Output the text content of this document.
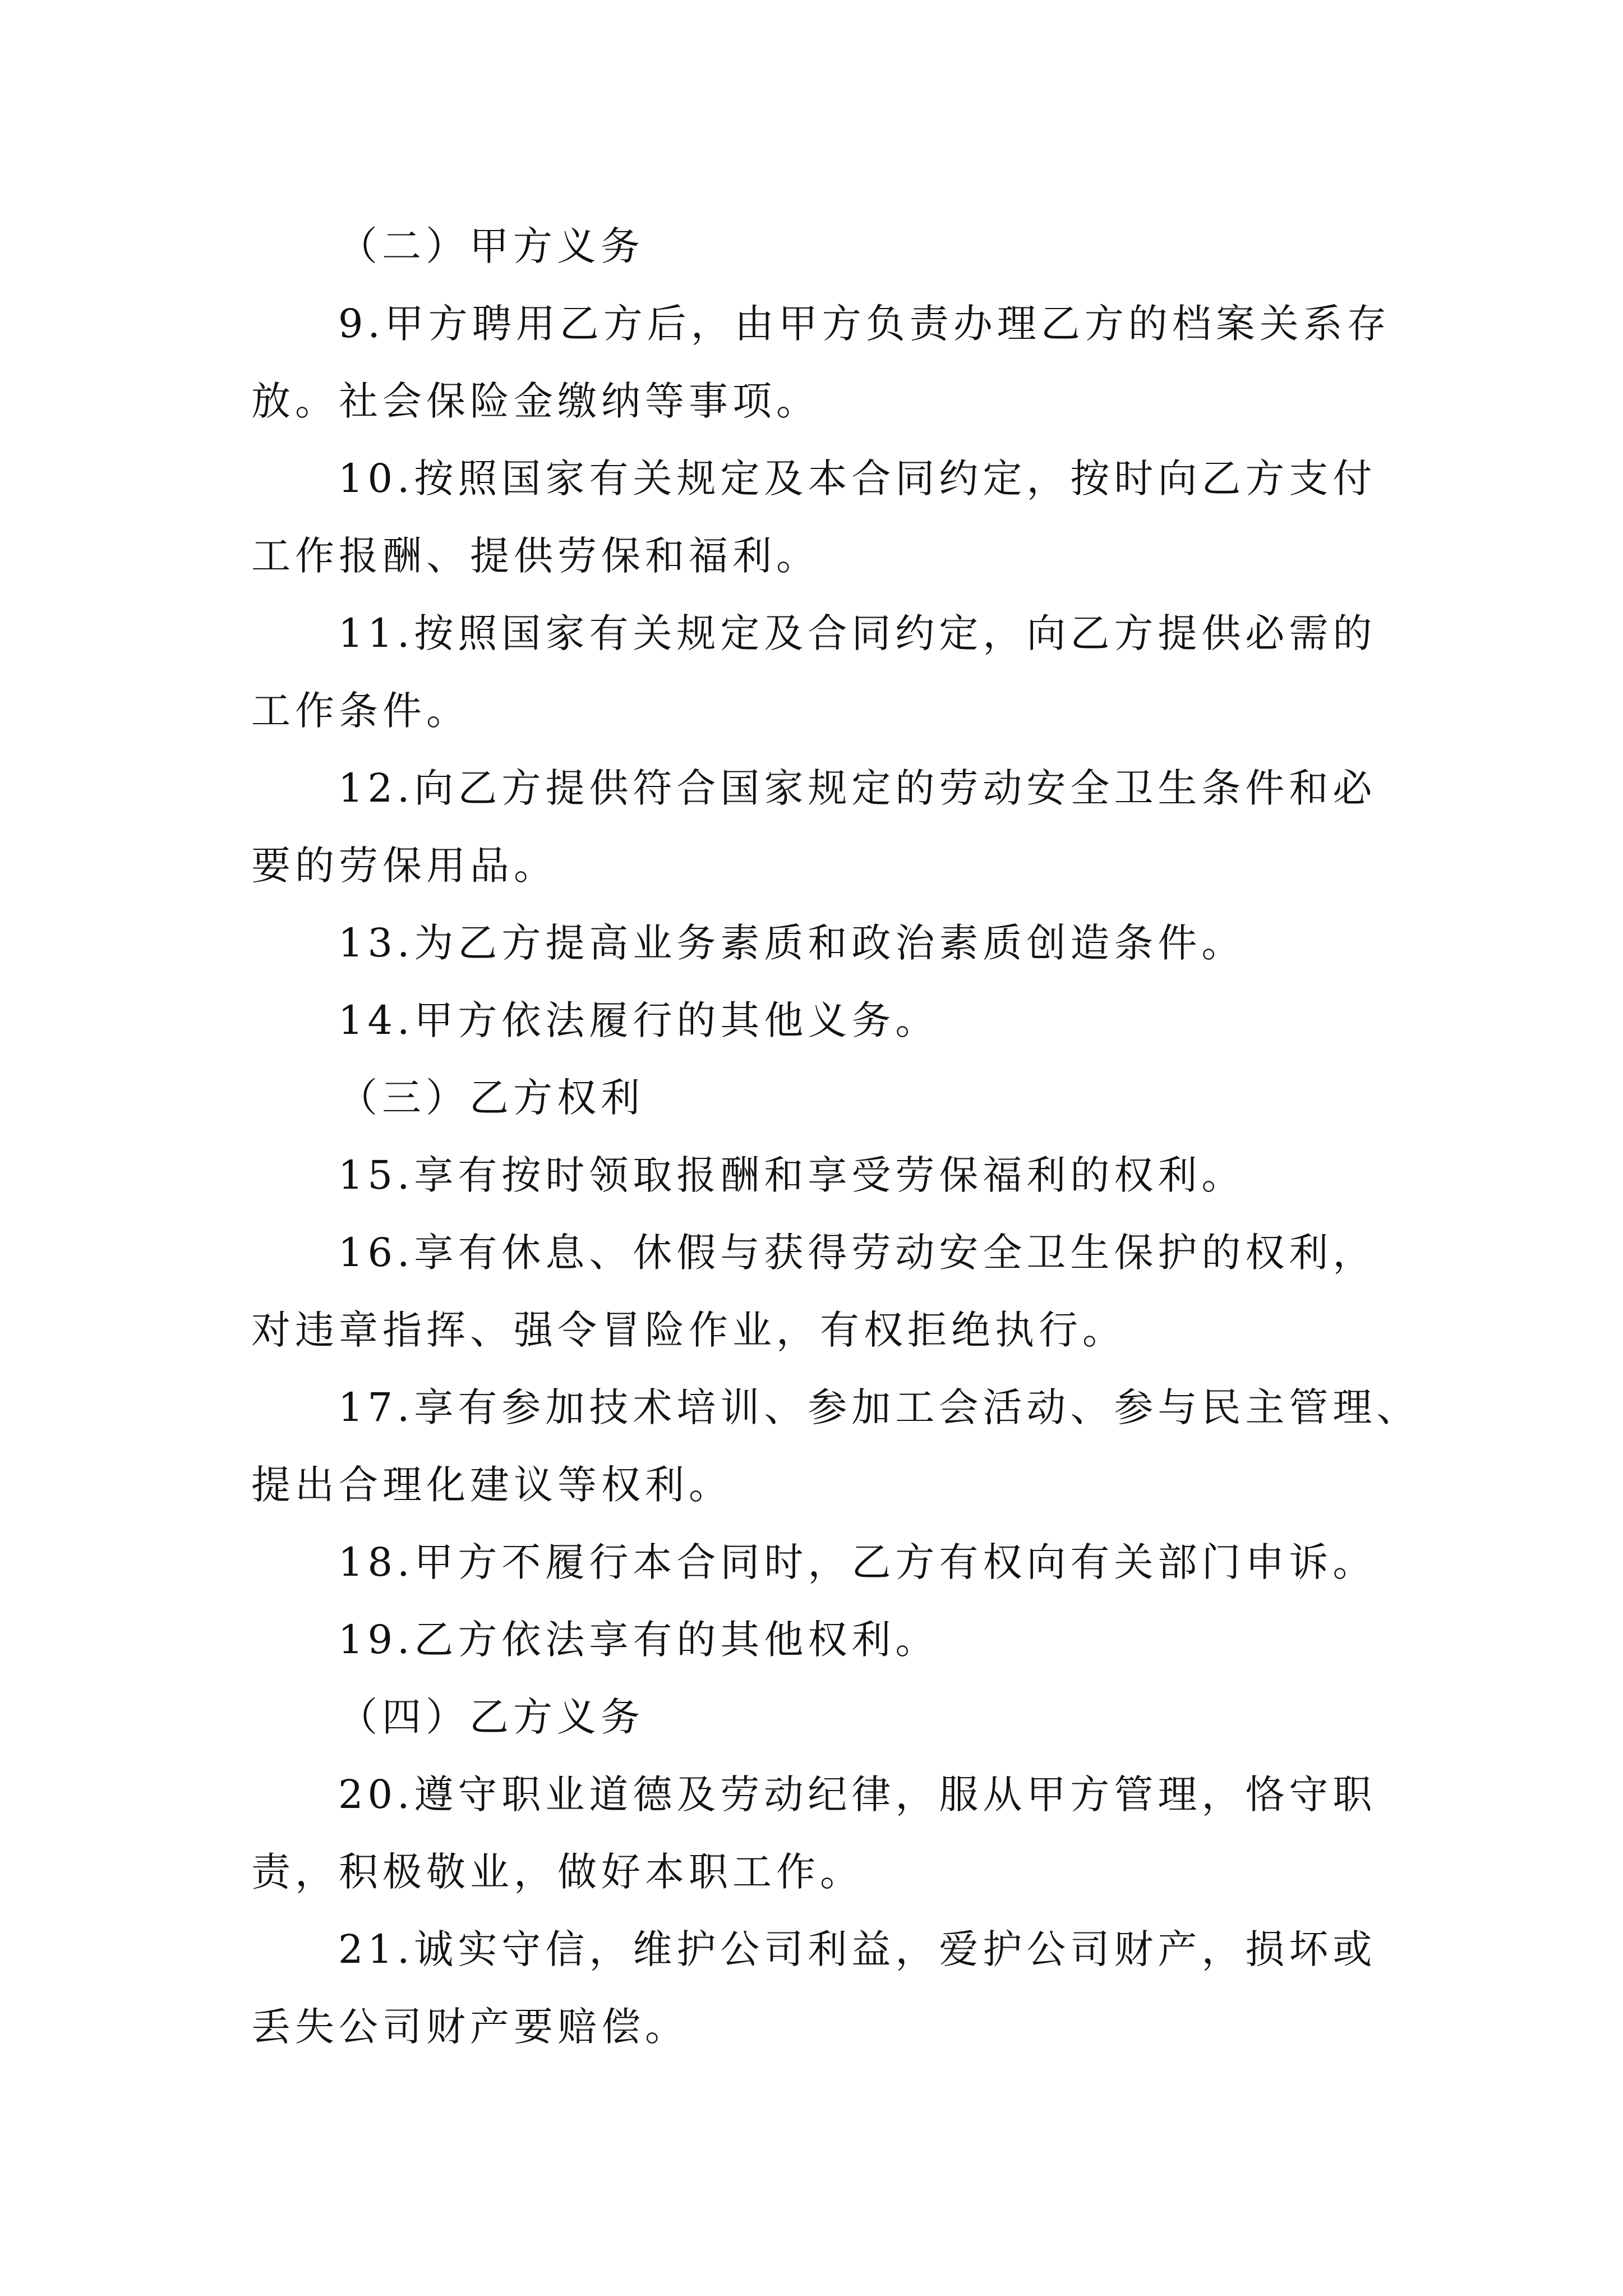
（二）甲方义务
9.甲方聘用乙方后，由甲方负责办理乙方的档案关系存
放。社会保险金缴纳等事项。
10.按照国家有关规定及本合同约定，按时向乙方支付
工作报酬、提供劳保和福利。
11.按照国家有关规定及合同约定，向乙方提供必需的
工作条件。
12.向乙方提供符合国家规定的劳动安全卫生条件和必
要的劳保用品。
13.为乙方提高业务素质和政治素质创造条件。
14.甲方依法履行的其他义务。
（三）乙方权利
15.享有按时领取报酬和享受劳保福利的权利。
16.享有休息、休假与获得劳动安全卫生保护的权利，
对违章指挥、强令冒险作业，有权拒绝执行。
17.享有参加技术培训、参加工会活动、参与民主管理、
提出合理化建议等权利。
18.甲方不履行本合同时，乙方有权向有关部门申诉。
19.乙方依法享有的其他权利。
（四）乙方义务
20.遵守职业道德及劳动纪律，服从甲方管理，恪守职
责，积极敬业，做好本职工作。
21.诚实守信，维护公司利益，爱护公司财产，损坏或
丢失公司财产要赔偿。
